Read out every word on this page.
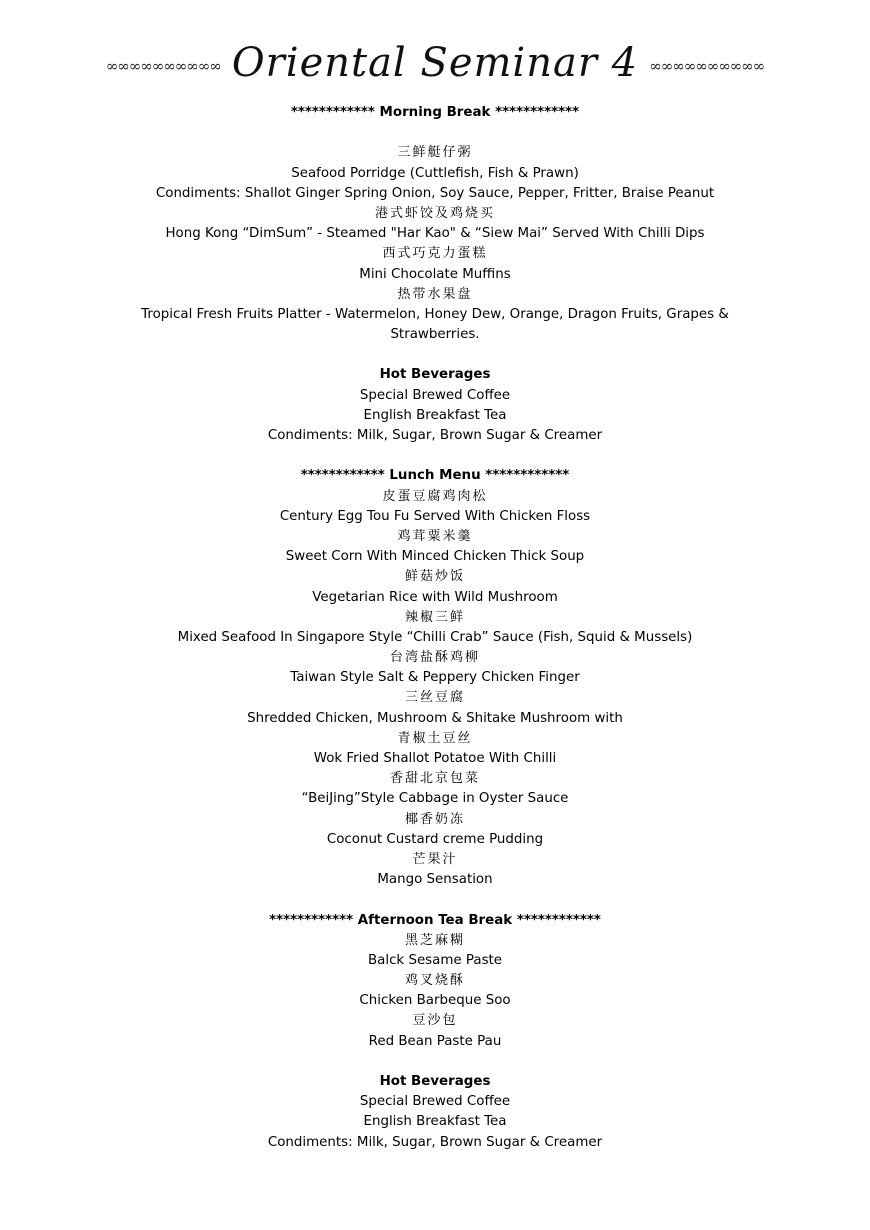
∞∞∞∞∞∞∞∞∞∞ Oriental Seminar 4 ∞∞∞∞∞∞∞∞∞∞
************ Morning Break ************
三鲜艇仔粥
Seafood Porridge (Cuttlefish, Fish & Prawn)
Condiments: Shallot Ginger Spring Onion, Soy Sauce, Pepper, Fritter, Braise Peanut
港式虾饺及鸡烧买
Hong Kong “DimSum” - Steamed "Har Kao" & “Siew Mai” Served With Chilli Dips
西式巧克力蛋糕
Mini Chocolate Muffins
热带水果盘
Tropical Fresh Fruits Platter - Watermelon, Honey Dew, Orange, Dragon Fruits, Grapes & Strawberries.
Hot Beverages
Special Brewed Coffee
English Breakfast Tea
Condiments: Milk, Sugar, Brown Sugar & Creamer
************ Lunch Menu ************
皮蛋豆腐鸡肉松
Century Egg Tou Fu Served With Chicken Floss
鸡茸粟米羹
Sweet Corn With Minced Chicken Thick Soup
鲜菇炒饭
Vegetarian Rice with Wild Mushroom
辣椒三鲜
Mixed Seafood In Singapore Style “Chilli Crab” Sauce (Fish, Squid & Mussels)
台湾盐酥鸡柳
Taiwan Style Salt & Peppery Chicken Finger
三丝豆腐
Shredded Chicken, Mushroom & Shitake Mushroom with
青椒土豆丝
Wok Fried Shallot Potatoe With Chilli
香甜北京包菜
“BeiJing”Style Cabbage in Oyster Sauce
椰香奶冻
Coconut Custard creme Pudding
芒果汁
Mango Sensation
************ Afternoon Tea Break ************
黑芝麻糊
Balck Sesame Paste
鸡叉烧酥
Chicken Barbeque Soo
豆沙包
Red Bean Paste Pau
Hot Beverages
Special Brewed Coffee
English Breakfast Tea
Condiments: Milk, Sugar, Brown Sugar & Creamer
